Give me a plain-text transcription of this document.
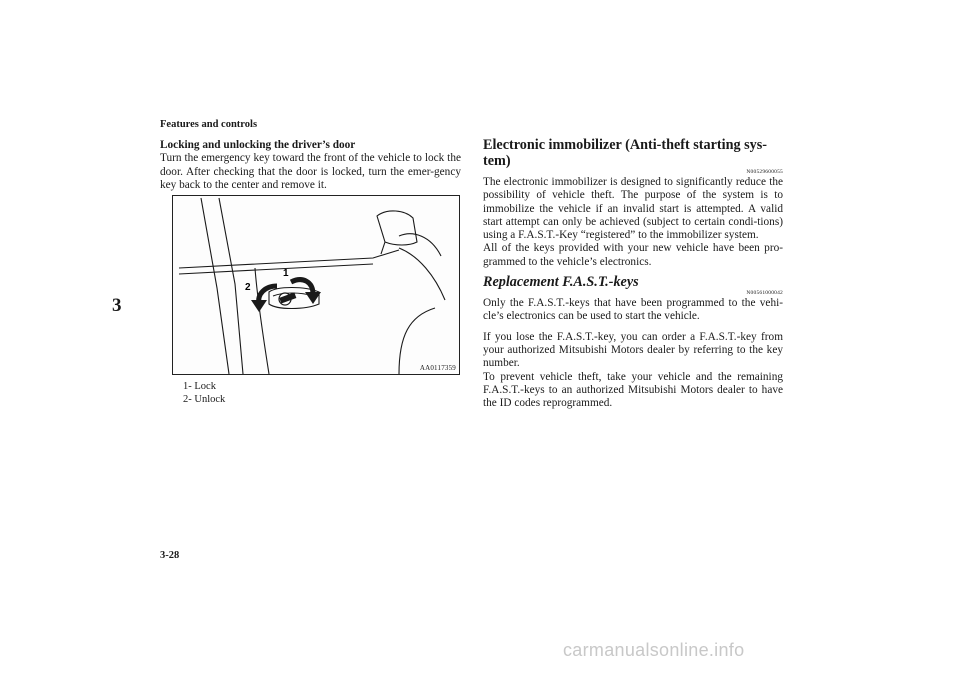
Features and controls
3
Locking and unlocking the driver’s door

Turn the emergency key toward the front of the vehicle to lock the door. After checking that the door is locked, turn the emer-gency key back to the center and remove it.

1
2
AA0117359
1- Lock
2- Unlock
Electronic immobilizer (Anti-theft starting sys-tem)
N00529600055

The electronic immobilizer is designed to significantly reduce the possibility of vehicle theft. The purpose of the system is to immobilize the vehicle if an invalid start is attempted. A valid start attempt can only be achieved (subject to certain condi-tions) using a F.A.S.T.-Key “registered” to the immobilizer system.

All of the keys provided with your new vehicle have been pro-grammed to the vehicle’s electronics.

Replacement F.A.S.T.-keys
N00561000042

Only the F.A.S.T.-keys that have been programmed to the vehi-cle’s electronics can be used to start the vehicle.

If you lose the F.A.S.T.-key, you can order a F.A.S.T.-key from your authorized Mitsubishi Motors dealer by referring to the key number.

To prevent vehicle theft, take your vehicle and the remaining F.A.S.T.-keys to an authorized Mitsubishi Motors dealer to have the ID codes reprogrammed.

3-28
carmanualsonline.info
